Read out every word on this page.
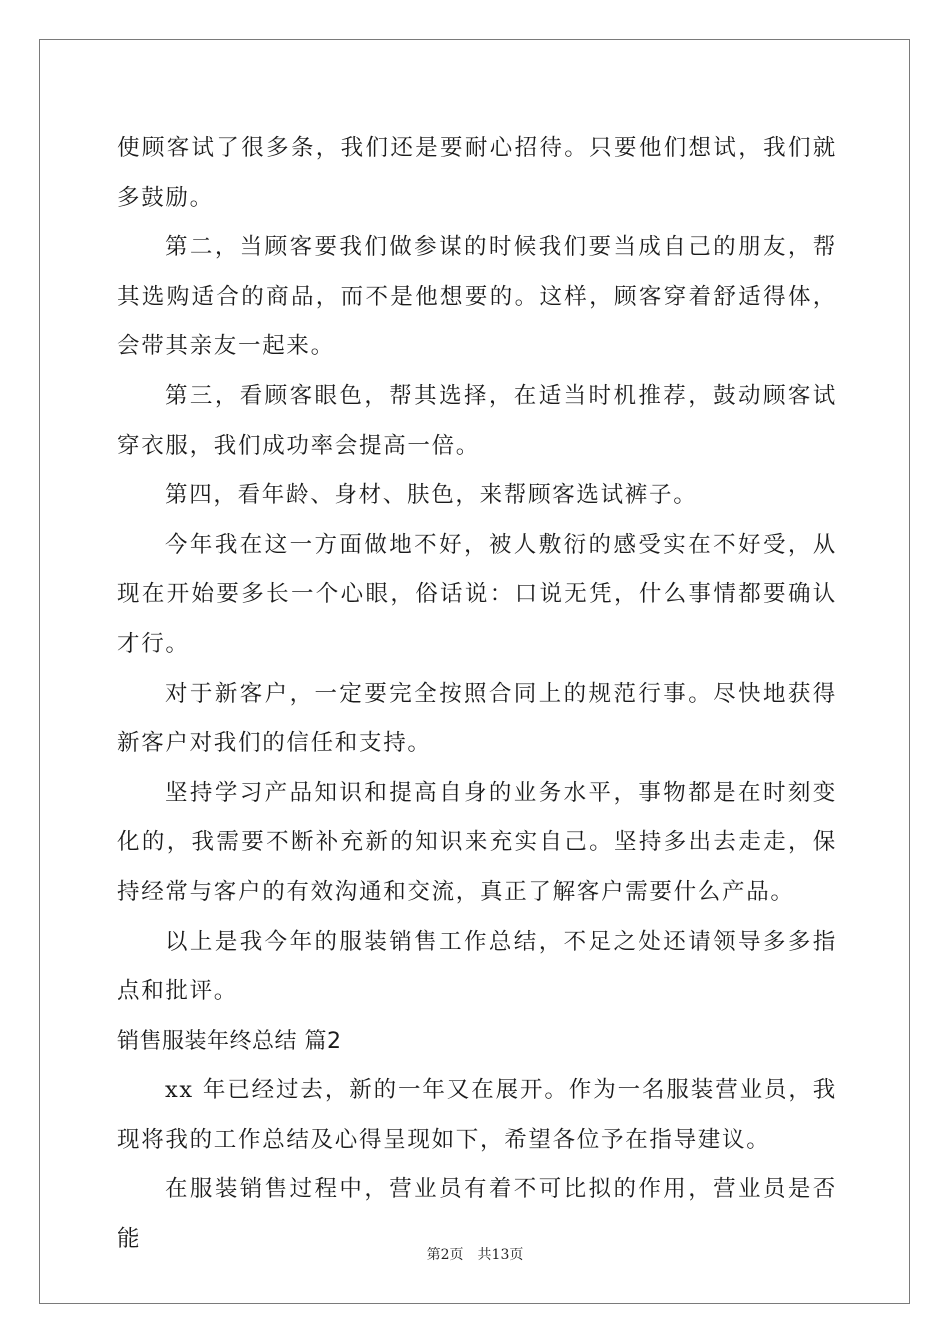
使顾客试了很多条，我们还是要耐心招待。只要他们想试，我们就多鼓励。

第二，当顾客要我们做参谋的时候我们要当成自己的朋友，帮其选购适合的商品，而不是他想要的。这样，顾客穿着舒适得体，会带其亲友一起来。

第三，看顾客眼色，帮其选择，在适当时机推荐，鼓动顾客试穿衣服，我们成功率会提高一倍。

第四，看年龄、身材、肤色，来帮顾客选试裤子。

今年我在这一方面做地不好，被人敷衍的感受实在不好受，从现在开始要多长一个心眼，俗话说：口说无凭，什么事情都要确认才行。

对于新客户，一定要完全按照合同上的规范行事。尽快地获得新客户对我们的信任和支持。

坚持学习产品知识和提高自身的业务水平，事物都是在时刻变化的，我需要不断补充新的知识来充实自己。坚持多出去走走，保持经常与客户的有效沟通和交流，真正了解客户需要什么产品。

以上是我今年的服装销售工作总结，不足之处还请领导多多指点和批评。

销售服装年终总结 篇2

xx 年已经过去，新的一年又在展开。作为一名服装营业员，我现将我的工作总结及心得呈现如下，希望各位予在指导建议。

在服装销售过程中，营业员有着不可比拟的作用，营业员是否能

第2页　共13页
